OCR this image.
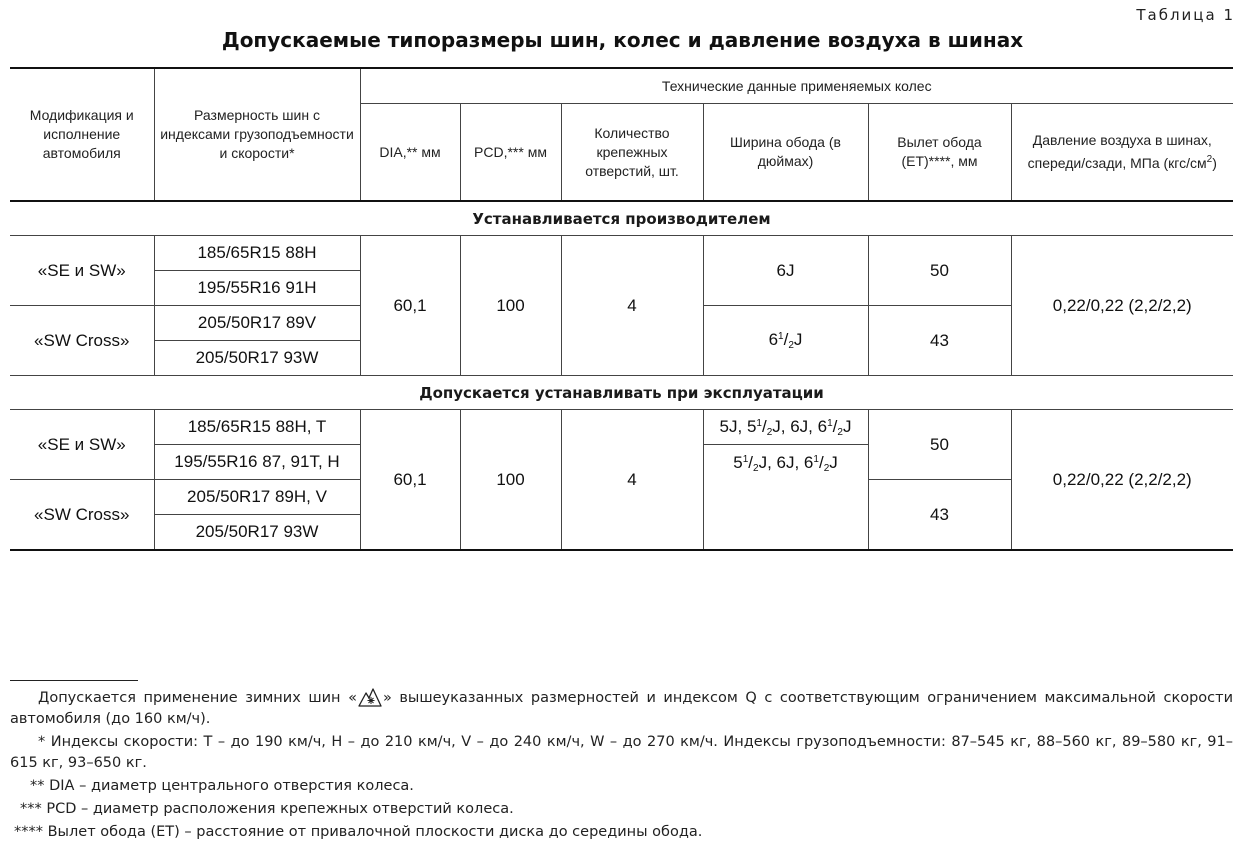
Таблица 1
Допускаемые типоразмеры шин, колес и давление воздуха в шинах
Модификация и исполнение автомобиля	Размерность шин с индексами грузоподъемности и скорости*	Технические данные применяемых колес					
		DIA,** мм	PCD,*** мм	Количество крепежных отверстий, шт.	Ширина обода (в дюймах)	Вылет обода (ET)****, мм	Давление воздуха в шинах, спереди/сзади, МПа $(кгс/см^2)$
Устанавливается производителем							
«SE и SW»	185/65R15 88H	60,1	100	4	6J	50	0,22/0,22 (2,2/2,2)
	195/55R16 91H						
«SW Cross»	205/50R17 89V				$6^1/_2J$	43	
	205/50R17 93W						
Допускается устанавливать при эксплуатации							
«SE и SW»	185/65R15 88H, T	60,1	100	4	5J, $5^1/_2J$, 6J, $6^1/_2J$	50	0,22/0,22 (2,2/2,2)
	195/55R16 87, 91T, H				$5^1/_2J$, 6J, $6^1/_2J$		
«SW Cross»	205/50R17 89H, V					43	
	205/50R17 93W						

Допускается применение зимних шин « » вышеуказанных размерностей и индексом Q с соответствующим ограничением максимальной скорости автомобиля (до 160 км/ч).

* Индексы скорости: T – до 190 км/ч, H – до 210 км/ч, V – до 240 км/ч, W – до 270 км/ч. Индексы грузоподъемности: 87–545 кг, 88–560 кг, 89–580 кг, 91–615 кг, 93–650 кг.

** DIA – диаметр центрального отверстия колеса.

*** PCD – диаметр расположения крепежных отверстий колеса.

**** Вылет обода (ET) – расстояние от привалочной плоскости диска до середины обода.
